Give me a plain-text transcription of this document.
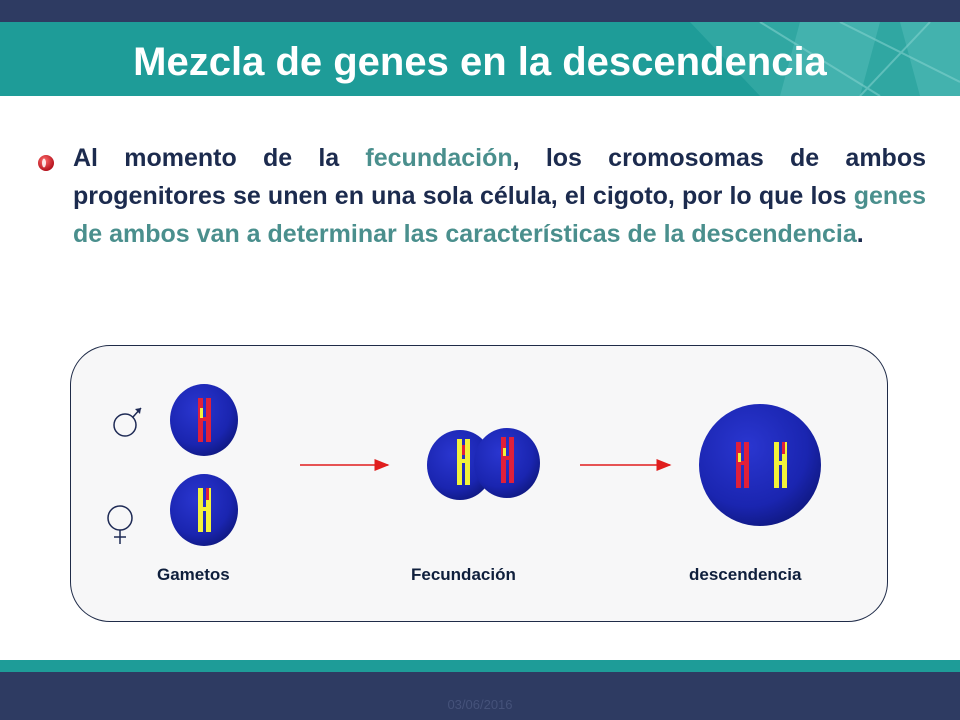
Mezcla de genes en la descendencia
Al momento de la fecundación, los cromosomas de ambos progenitores se unen en una sola célula, el cigoto, por lo que los genes de ambos van a determinar las características de la descendencia.
Gametos	Fecundación	descendencia
03/06/2016
